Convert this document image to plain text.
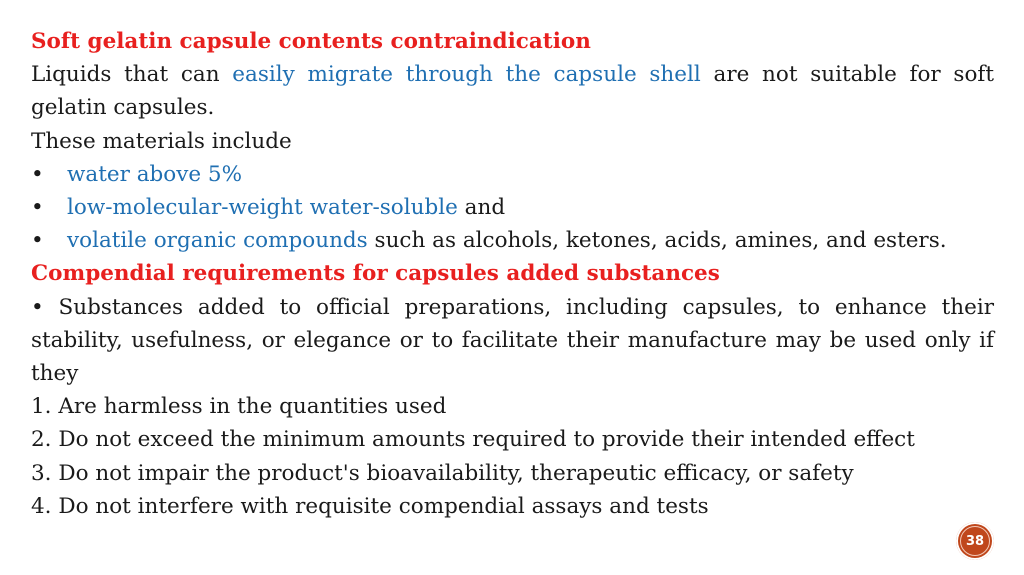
Soft gelatin capsule contents contraindication

Liquids that can easily migrate through the capsule shell are not suitable for soft gelatin capsules.

These materials include

•	water above 5%
•	low-molecular-weight water-soluble and
•	volatile organic compounds such as alcohols, ketones, acids, amines, and esters.

Compendial requirements for capsules added substances

• Substances added to official preparations, including capsules, to enhance their stability, usefulness, or elegance or to facilitate their manufacture may be used only if they

1. Are harmless in the quantities used

2. Do not exceed the minimum amounts required to provide their intended effect

3. Do not impair the product's bioavailability, therapeutic efficacy, or safety

4. Do not interfere with requisite compendial assays and tests

38
